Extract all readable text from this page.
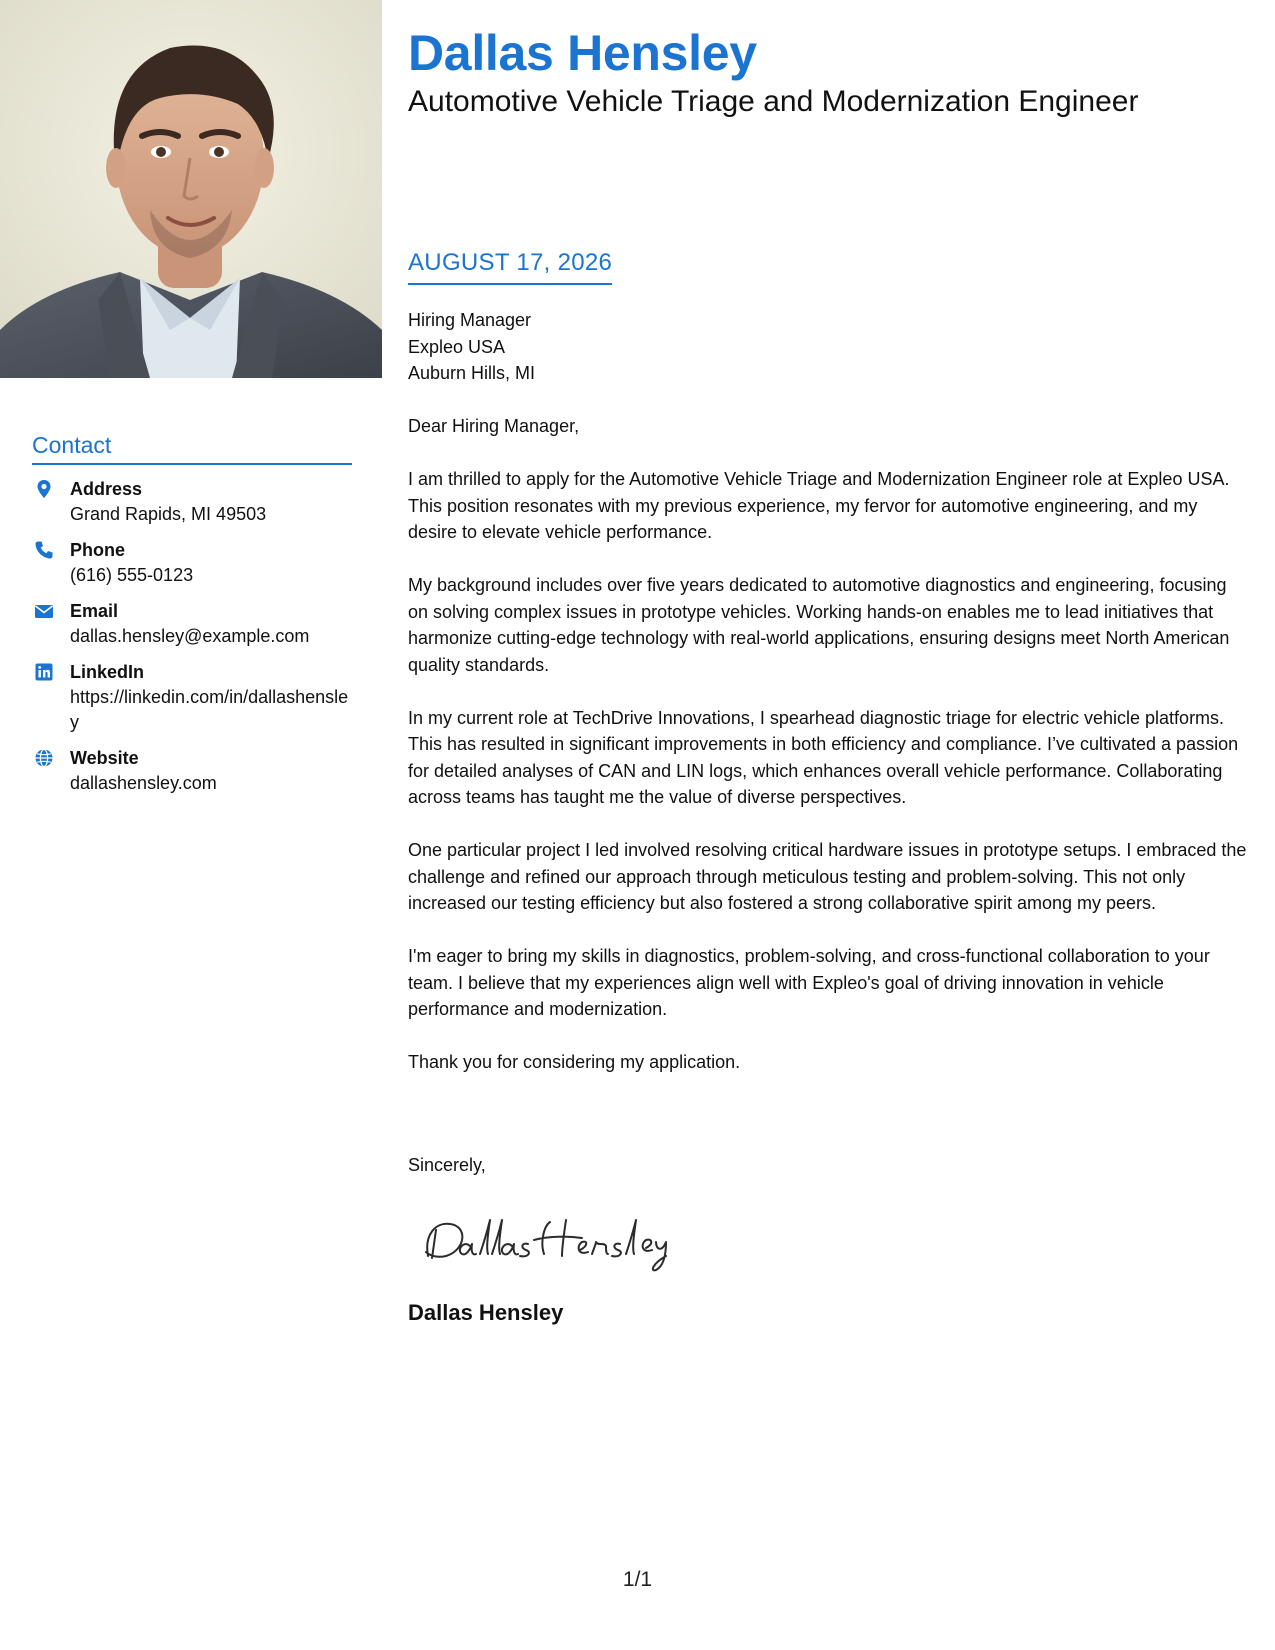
Contact
Address
Grand Rapids, MI 49503
Phone
(616) 555-0123
Email
dallas.hensley@example.com
LinkedIn
https://linkedin.com/in/dallashensley
Website
dallashensley.com
Dallas Hensley
Automotive Vehicle Triage and Modernization Engineer
AUGUST 17, 2026
Hiring Manager
Expleo USA
Auburn Hills, MI

Dear Hiring Manager,

I am thrilled to apply for the Automotive Vehicle Triage and Modernization Engineer role at Expleo USA. This position resonates with my previous experience, my fervor for automotive engineering, and my desire to elevate vehicle performance.

My background includes over five years dedicated to automotive diagnostics and engineering, focusing on solving complex issues in prototype vehicles. Working hands-on enables me to lead initiatives that harmonize cutting-edge technology with real-world applications, ensuring designs meet North American quality standards.

In my current role at TechDrive Innovations, I spearhead diagnostic triage for electric vehicle platforms. This has resulted in significant improvements in both efficiency and compliance. I’ve cultivated a passion for detailed analyses of CAN and LIN logs, which enhances overall vehicle performance. Collaborating across teams has taught me the value of diverse perspectives.

One particular project I led involved resolving critical hardware issues in prototype setups. I embraced the challenge and refined our approach through meticulous testing and problem-solving. This not only increased our testing efficiency but also fostered a strong collaborative spirit among my peers.

I'm eager to bring my skills in diagnostics, problem-solving, and cross-functional collaboration to your team. I believe that my experiences align well with Expleo's goal of driving innovation in vehicle performance and modernization.

Thank you for considering my application.

Sincerely,
Dallas Hensley
1/1
